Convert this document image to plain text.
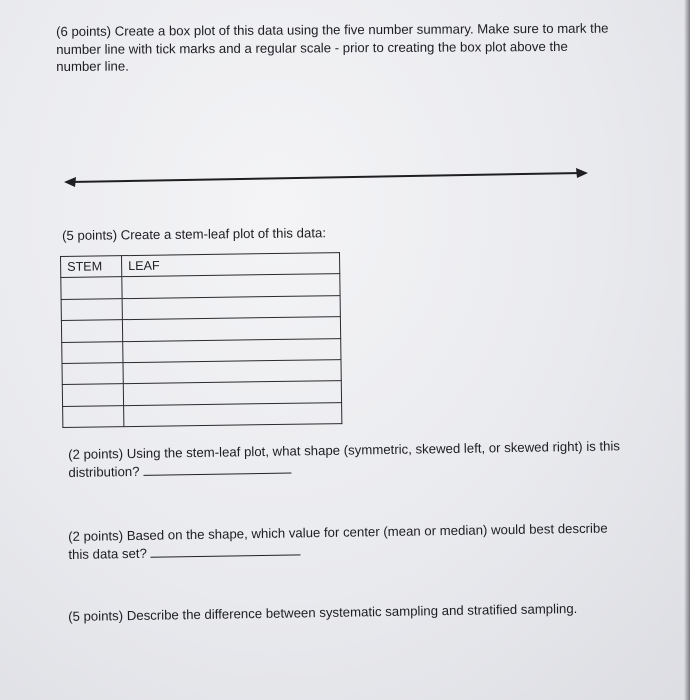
(6 points) Create a box plot of this data using the five number summary. Make sure to mark the number line with tick marks and a regular scale - prior to creating the box plot above the number line.
(5 points) Create a stem-leaf plot of this data:
STEM	LEAF

(2 points) Using the stem-leaf plot, what shape (symmetric, skewed left, or skewed right) is this distribution?
(2 points) Based on the shape, which value for center (mean or median) would best describe this data set?
(5 points) Describe the difference between systematic sampling and stratified sampling.
